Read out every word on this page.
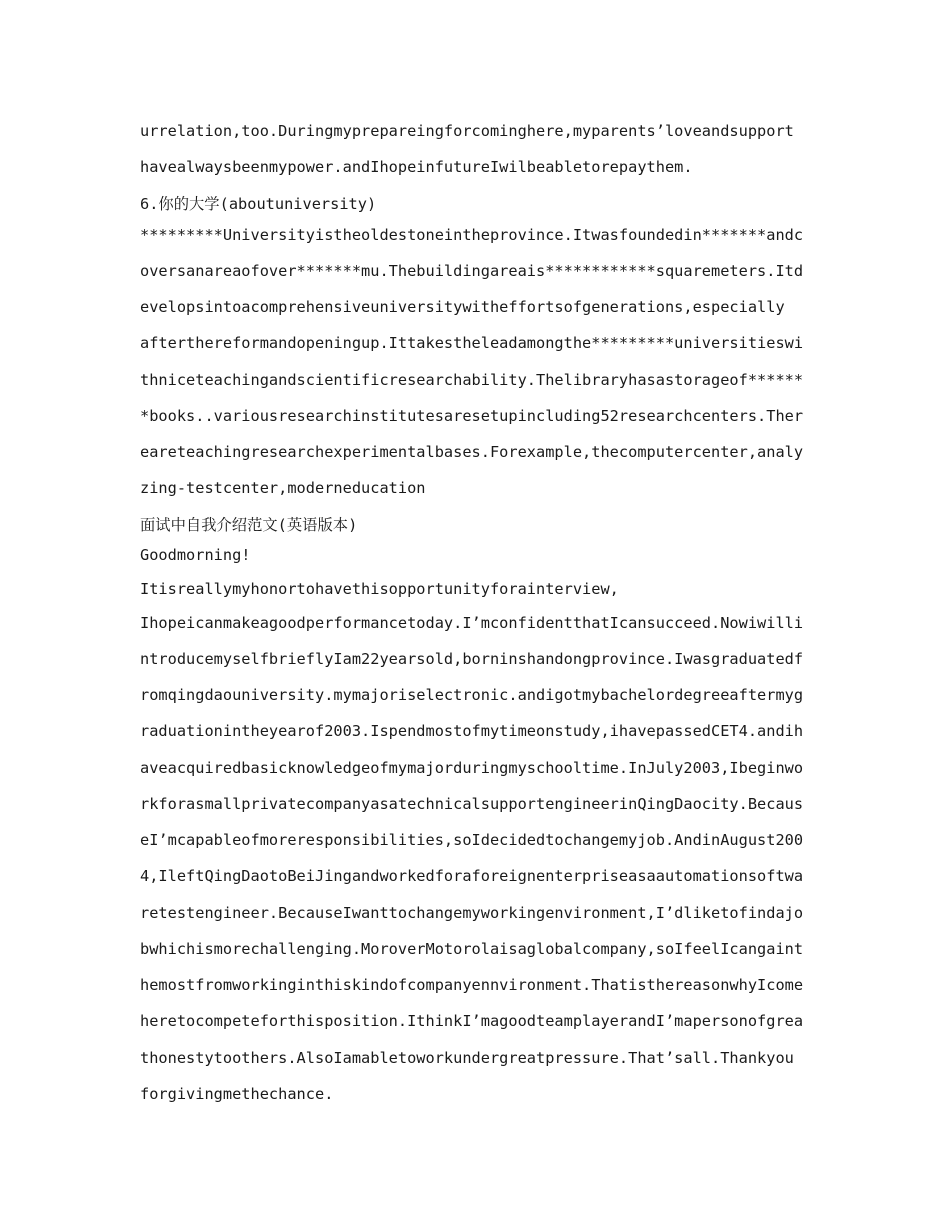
urrelation,too.Duringmyprepareingforcominghere,myparents’loveandsupport
havealwaysbeenmypower.andIhopeinfutureIwilbeabletorepaythem.
6.你的大学(aboutuniversity)
*********Universityistheoldestoneintheprovince.Itwasfoundedin*******andc
oversanareaofover*******mu.Thebuildingareais************squaremeters.Itd
evelopsintoacomprehensiveuniversitywitheffortsofgenerations,especially
afterthereformandopeningup.Ittakestheleadamongthe*********universitieswi
thniceteachingandscientificresearchability.Thelibraryhasastorageof******
*books..variousresearchinstitutesaresetupincluding52researchcenters.Ther
eareteachingresearchexperimentalbases.Forexample,thecomputercenter,analy
zing-testcenter,moderneducation
面试中自我介绍范文(英语版本)
Goodmorning!
Itisreallymyhonortohavethisopportunityforainterview,
Ihopeicanmakeagoodperformancetoday.I’mconfidentthatIcansucceed.Nowiwilli
ntroducemyselfbrieflyIam22yearsold,borninshandongprovince.Iwasgraduatedf
romqingdaouniversity.mymajoriselectronic.andigotmybachelordegreeaftermyg
raduationintheyearof2003.Ispendmostofmytimeonstudy,ihavepassedCET4.andih
aveacquiredbasicknowledgeofmymajorduringmyschooltime.InJuly2003,Ibeginwo
rkforasmallprivatecompanyasatechnicalsupportengineerinQingDaocity.Becaus
eI’mcapableofmoreresponsibilities,soIdecidedtochangemyjob.AndinAugust200
4,IleftQingDaotoBeiJingandworkedforaforeignenterpriseasaautomationsoftwa
retestengineer.BecauseIwanttochangemyworkingenvironment,I’dliketofindajo
bwhichismorechallenging.MoroverMotorolaisaglobalcompany,soIfeelIcangaint
hemostfromworkinginthiskindofcompanyennvironment.ThatisthereasonwhyIcome
heretocompeteforthisposition.IthinkI’magoodteamplayerandI’mapersonofgrea
thonestytoothers.AlsoIamabletoworkundergreatpressure.That’sall.Thankyou
forgivingmethechance.
